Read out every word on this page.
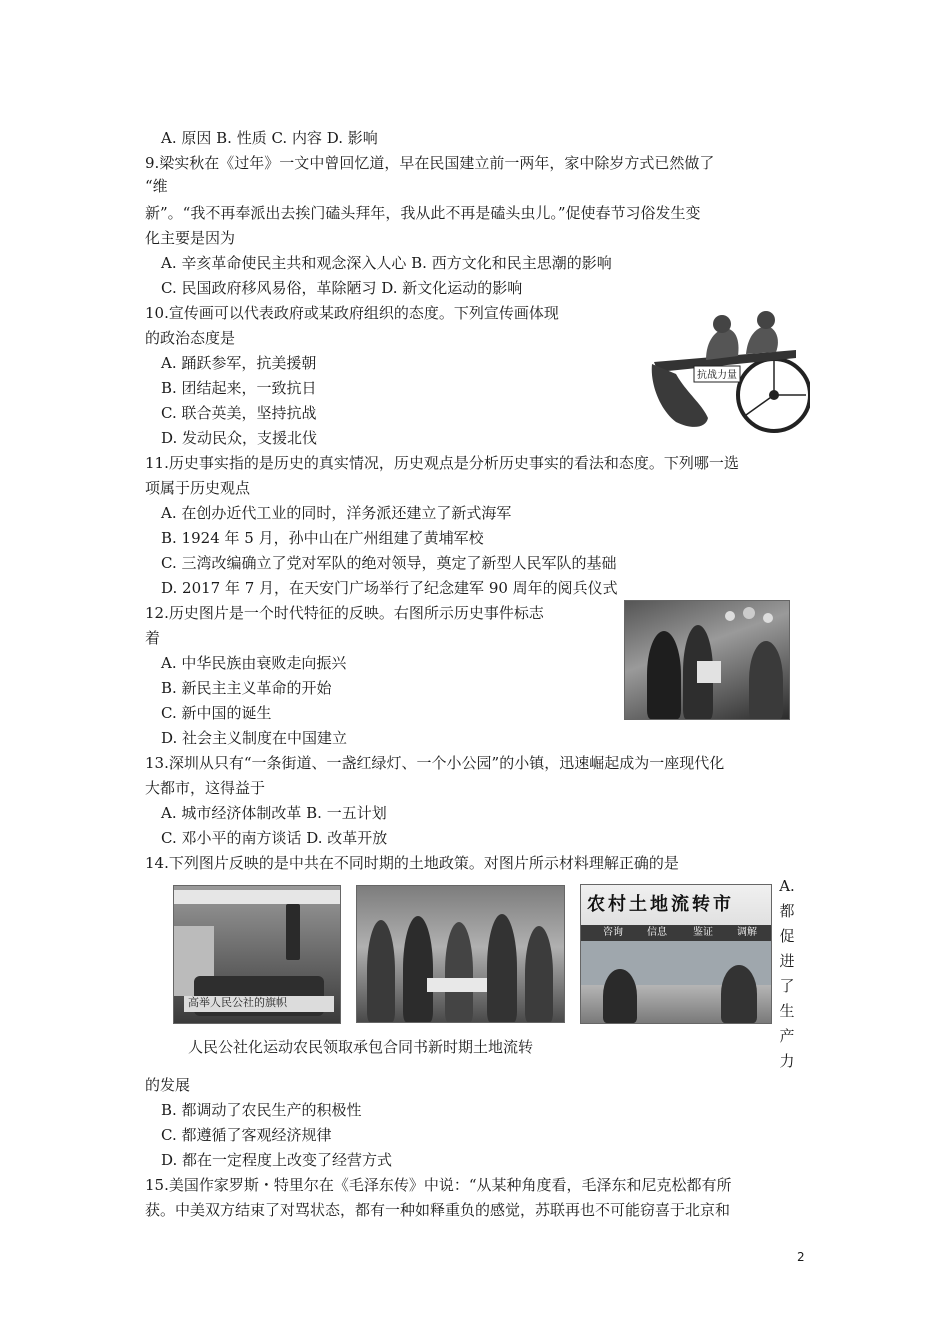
A. 原因 B. 性质 C. 内容 D. 影响
9.梁实秋在《过年》一文中曾回忆道，早在民国建立前一两年，家中除岁方式已然做了
“维
新”。“我不再奉派出去挨门磕头拜年，我从此不再是磕头虫儿。”促使春节习俗发生变
化主要是因为
A. 辛亥革命使民主共和观念深入人心 B. 西方文化和民主思潮的影响
C. 民国政府移风易俗，革除陋习 D. 新文化运动的影响
10.宣传画可以代表政府或某政府组织的态度。下列宣传画体现
的政治态度是
A. 踊跃参军，抗美援朝
B. 团结起来，一致抗日
C. 联合英美，坚持抗战
D. 发动民众，支援北伐
抗战力量
11.历史事实指的是历史的真实情况，历史观点是分析历史事实的看法和态度。下列哪一选
项属于历史观点
A. 在创办近代工业的同时，洋务派还建立了新式海军
B. 1924 年 5 月，孙中山在广州组建了黄埔军校
C. 三湾改编确立了党对军队的绝对领导，奠定了新型人民军队的基础
D. 2017 年 7 月，在天安门广场举行了纪念建军 90 周年的阅兵仪式
12.历史图片是一个时代特征的反映。右图所示历史事件标志
着
A. 中华民族由衰败走向振兴
B. 新民主主义革命的开始
C. 新中国的诞生
D. 社会主义制度在中国建立
13.深圳从只有“一条街道、一盏红绿灯、一个小公园”的小镇，迅速崛起成为一座现代化
大都市，这得益于
A. 城市经济体制改革 B. 一五计划
C. 邓小平的南方谈话 D. 改革开放
14.下列图片反映的是中共在不同时期的土地政策。对图片所示材料理解正确的是
高举人民公社的旗帜
农村土地流转市
咨询 信息	鉴证 调解
A.
都
促
进
了
生
产
力
人民公社化运动农民领取承包合同书新时期土地流转
的发展
B. 都调动了农民生产的积极性
C. 都遵循了客观经济规律
D. 都在一定程度上改变了经营方式
15.美国作家罗斯・特里尔在《毛泽东传》中说：“从某种角度看，毛泽东和尼克松都有所
获。中美双方结束了对骂状态，都有一种如释重负的感觉，苏联再也不可能窃喜于北京和
2
